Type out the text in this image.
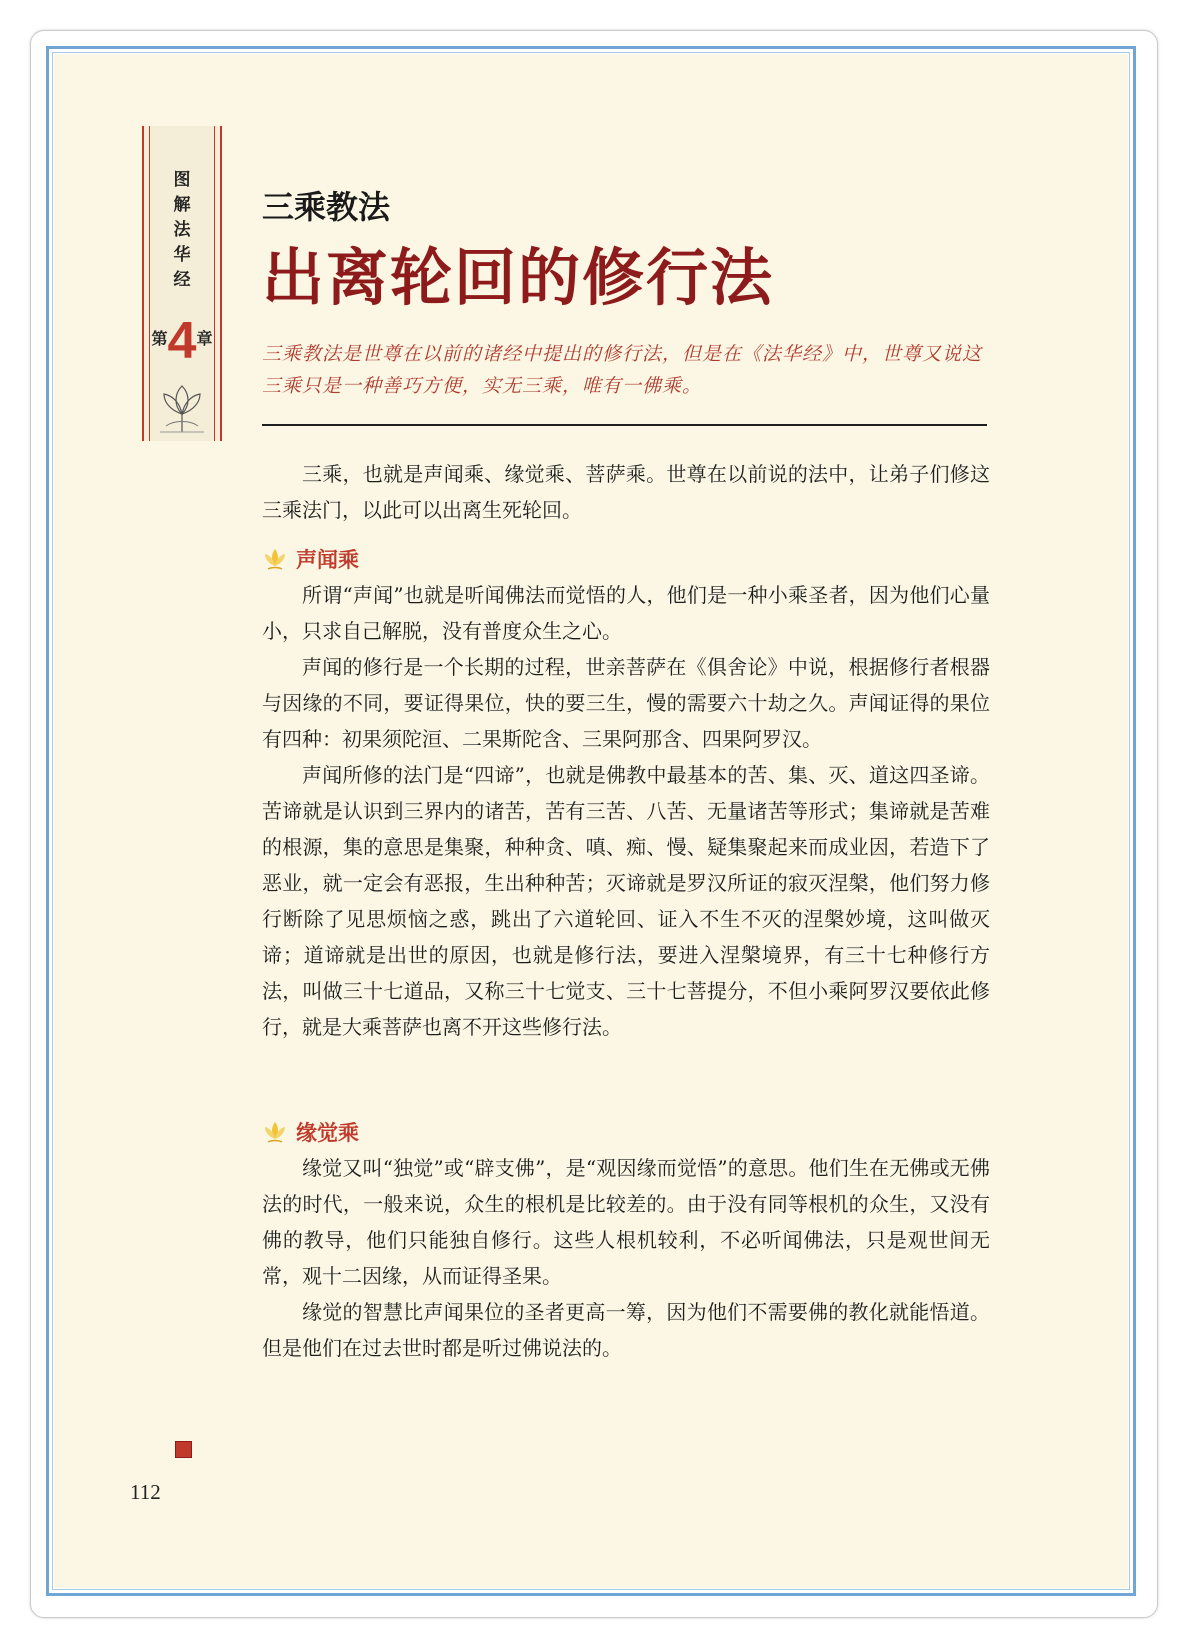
图
解
法
华
经
第4章
三乘教法
出离轮回的修行法

三乘教法是世尊在以前的诸经中提出的修行法，但是在《法华经》中，世尊又说这三乘只是一种善巧方便，实无三乘，唯有一佛乘。

三乘，也就是声闻乘、缘觉乘、菩萨乘。世尊在以前说的法中，让弟子们修这三乘法门，以此可以出离生死轮回。

声闻乘

所谓“声闻”也就是听闻佛法而觉悟的人，他们是一种小乘圣者，因为他们心量小，只求自己解脱，没有普度众生之心。

声闻的修行是一个长期的过程，世亲菩萨在《俱舍论》中说，根据修行者根器与因缘的不同，要证得果位，快的要三生，慢的需要六十劫之久。声闻证得的果位有四种：初果须陀洹、二果斯陀含、三果阿那含、四果阿罗汉。

声闻所修的法门是“四谛”，也就是佛教中最基本的苦、集、灭、道这四圣谛。苦谛就是认识到三界内的诸苦，苦有三苦、八苦、无量诸苦等形式；集谛就是苦难的根源，集的意思是集聚，种种贪、嗔、痴、慢、疑集聚起来而成业因，若造下了恶业，就一定会有恶报，生出种种苦；灭谛就是罗汉所证的寂灭涅槃，他们努力修行断除了见思烦恼之惑，跳出了六道轮回、证入不生不灭的涅槃妙境，这叫做灭谛；道谛就是出世的原因，也就是修行法，要进入涅槃境界，有三十七种修行方法，叫做三十七道品，又称三十七觉支、三十七菩提分，不但小乘阿罗汉要依此修行，就是大乘菩萨也离不开这些修行法。

缘觉乘

缘觉又叫“独觉”或“辟支佛”，是“观因缘而觉悟”的意思。他们生在无佛或无佛法的时代，一般来说，众生的根机是比较差的。由于没有同等根机的众生，又没有佛的教导，他们只能独自修行。这些人根机较利，不必听闻佛法，只是观世间无常，观十二因缘，从而证得圣果。

缘觉的智慧比声闻果位的圣者更高一筹，因为他们不需要佛的教化就能悟道。但是他们在过去世时都是听过佛说法的。

112
